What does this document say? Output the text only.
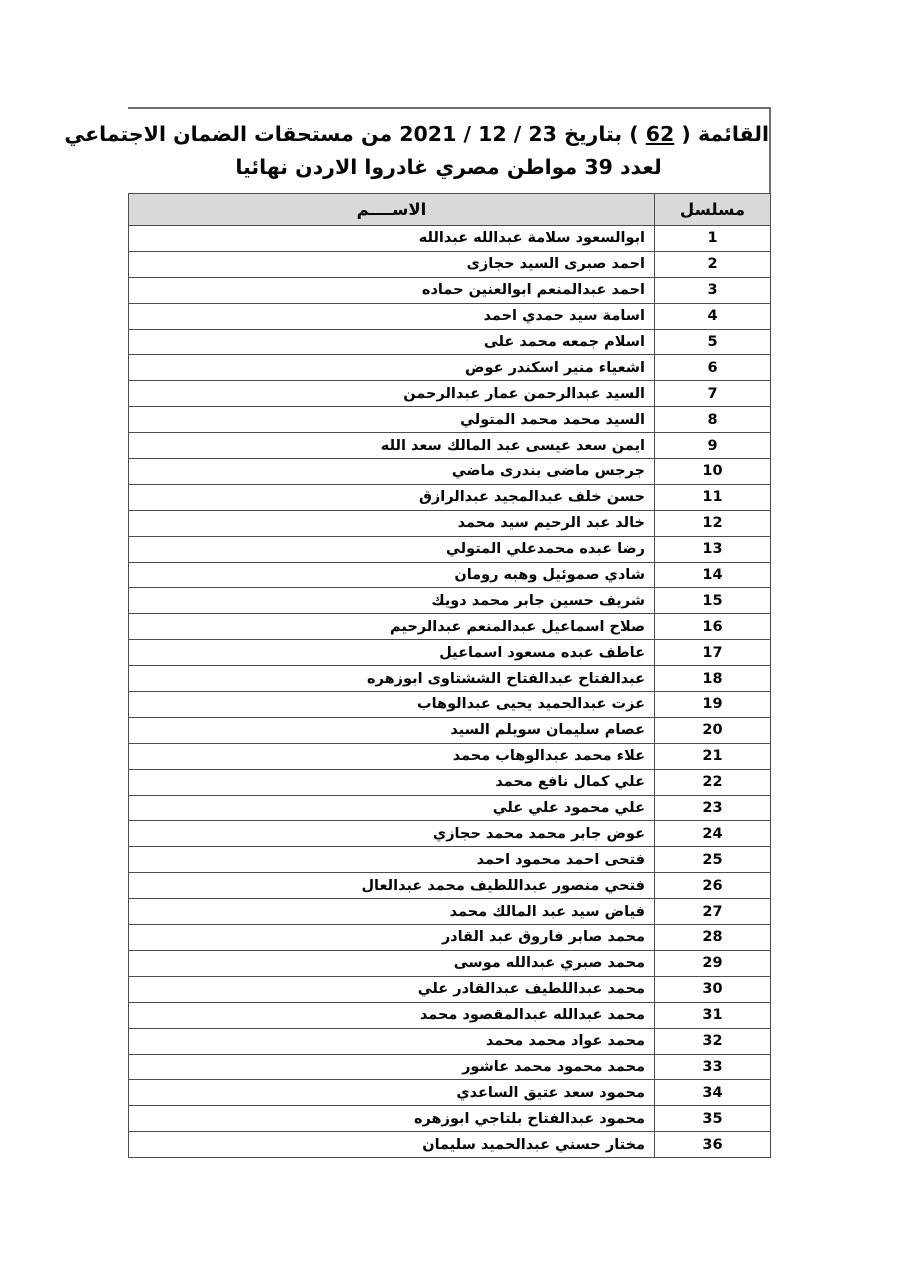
القائمة ( 62 ) بتاريخ 23 / 12 / 2021 من مستحقات الضمان الاجتماعي
لعدد 39 مواطن مصري غادروا الاردن نهائيا
مسلسل	الاســــم
1	ابوالسعود سلامة عبدالله عبدالله
2	احمد صبرى السيد حجازى
3	احمد عبدالمنعم ابوالعنين حماده
4	اسامة سيد حمدي احمد
5	اسلام جمعه محمد على
6	اشعياء منير اسكندر عوض
7	السيد عبدالرحمن عمار عبدالرحمن
8	السيد محمد محمد المتولي
9	ايمن سعد عيسى عبد المالك سعد الله
10	جرجس ماضى بندرى ماضي
11	حسن خلف عبدالمجيد عبدالرازق
12	خالد عبد الرحيم سيد محمد
13	رضا عبده محمدعلي المتولي
14	شادي صموئيل وهبه رومان
15	شريف حسين جابر محمد دويك
16	صلاح اسماعيل عبدالمنعم عبدالرحيم
17	عاطف عبده مسعود اسماعيل
18	عبدالفتاح عبدالفتاح الششتاوى ابوزهره
19	عزت عبدالحميد يحيى عبدالوهاب
20	عصام سليمان سويلم السيد
21	علاء محمد عبدالوهاب محمد
22	علي كمال نافع محمد
23	علي محمود علي علي
24	عوض جابر محمد محمد حجازي
25	فتحى احمد محمود احمد
26	فتحي منصور عبداللطيف محمد عبدالعال
27	فياض سيد عبد المالك محمد
28	محمد صابر فاروق عبد القادر
29	محمد صبري عبدالله موسى
30	محمد عبداللطيف عبدالقادر علي
31	محمد عبدالله عبدالمقصود محمد
32	محمد عواد محمد محمد
33	محمد محمود محمد عاشور
34	محمود سعد عتيق الساعدي
35	محمود عبدالفتاح بلتاجي ابوزهره
36	مختار حسني عبدالحميد سليمان
